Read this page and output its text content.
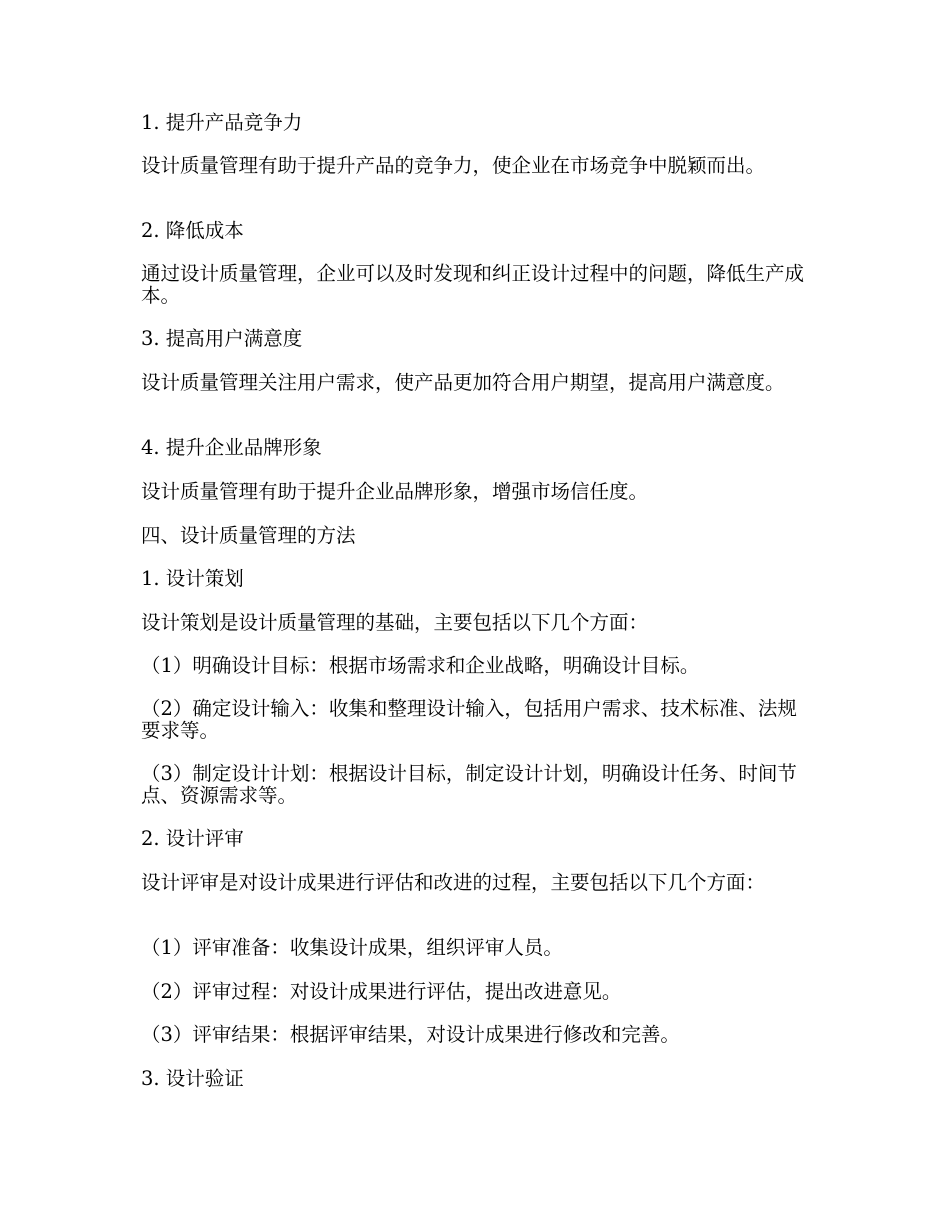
1. 提升产品竞争力

设计质量管理有助于提升产品的竞争力，使企业在市场竞争中脱颖而出。

2. 降低成本

通过设计质量管理，企业可以及时发现和纠正设计过程中的问题，降低生产成本。

3. 提高用户满意度

设计质量管理关注用户需求，使产品更加符合用户期望，提高用户满意度。

4. 提升企业品牌形象

设计质量管理有助于提升企业品牌形象，增强市场信任度。

四、设计质量管理的方法

1. 设计策划

设计策划是设计质量管理的基础，主要包括以下几个方面：

（1）明确设计目标：根据市场需求和企业战略，明确设计目标。

（2）确定设计输入：收集和整理设计输入，包括用户需求、技术标准、法规要求等。

（3）制定设计计划：根据设计目标，制定设计计划，明确设计任务、时间节点、资源需求等。

2. 设计评审

设计评审是对设计成果进行评估和改进的过程，主要包括以下几个方面：

（1）评审准备：收集设计成果，组织评审人员。

（2）评审过程：对设计成果进行评估，提出改进意见。

（3）评审结果：根据评审结果，对设计成果进行修改和完善。

3. 设计验证
